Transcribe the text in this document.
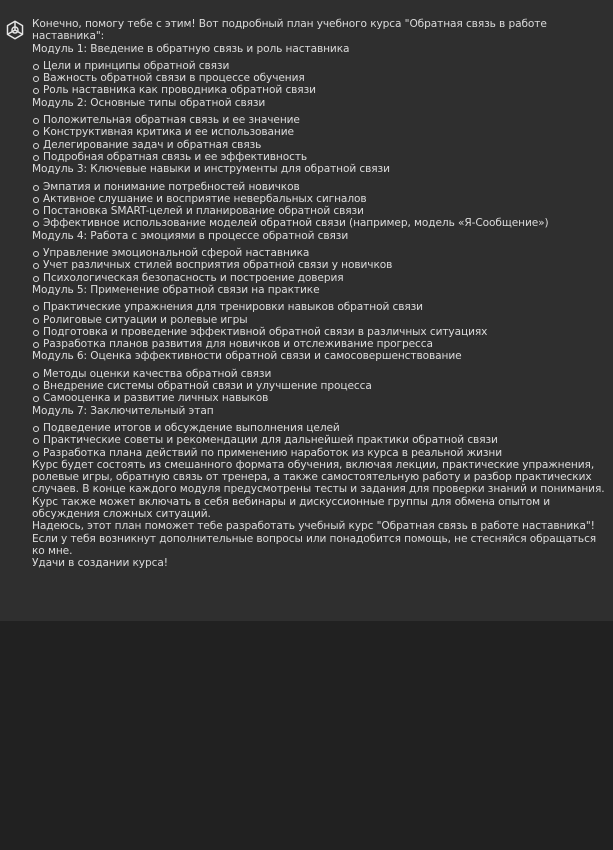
Конечно, помогу тебе с этим! Вот подробный план учебного курса "Обратная связь в работе наставника":

Модуль 1: Введение в обратную связь и роль наставника

Цели и принципы обратной связи
Важность обратной связи в процессе обучения
Роль наставника как проводника обратной связи

Модуль 2: Основные типы обратной связи

Положительная обратная связь и ее значение
Конструктивная критика и ее использование
Делегирование задач и обратная связь
Подробная обратная связь и ее эффективность

Модуль 3: Ключевые навыки и инструменты для обратной связи

Эмпатия и понимание потребностей новичков
Активное слушание и восприятие невербальных сигналов
Постановка SMART-целей и планирование обратной связи
Эффективное использование моделей обратной связи (например, модель «Я-Сообщение»)

Модуль 4: Работа с эмоциями в процессе обратной связи

Управление эмоциональной сферой наставника
Учет различных стилей восприятия обратной связи у новичков
Психологическая безопасность и построение доверия

Модуль 5: Применение обратной связи на практике

Практические упражнения для тренировки навыков обратной связи
Ролиговые ситуации и ролевые игры
Подготовка и проведение эффективной обратной связи в различных ситуациях
Разработка планов развития для новичков и отслеживание прогресса

Модуль 6: Оценка эффективности обратной связи и самосовершенствование

Методы оценки качества обратной связи
Внедрение системы обратной связи и улучшение процесса
Самооценка и развитие личных навыков

Модуль 7: Заключительный этап

Подведение итогов и обсуждение выполнения целей
Практические советы и рекомендации для дальнейшей практики обратной связи
Разработка плана действий по применению наработок из курса в реальной жизни

Курс будет состоять из смешанного формата обучения, включая лекции, практические упражнения, ролевые игры, обратную связь от тренера, а также самостоятельную работу и разбор практических случаев. В конце каждого модуля предусмотрены тесты и задания для проверки знаний и понимания. Курс также может включать в себя вебинары и дискуссионные группы для обмена опытом и обсуждения сложных ситуаций.

Надеюсь, этот план поможет тебе разработать учебный курс "Обратная связь в работе наставника"! Если у тебя возникнут дополнительные вопросы или понадобится помощь, не стесняйся обращаться ко мне.

Удачи в создании курса!
